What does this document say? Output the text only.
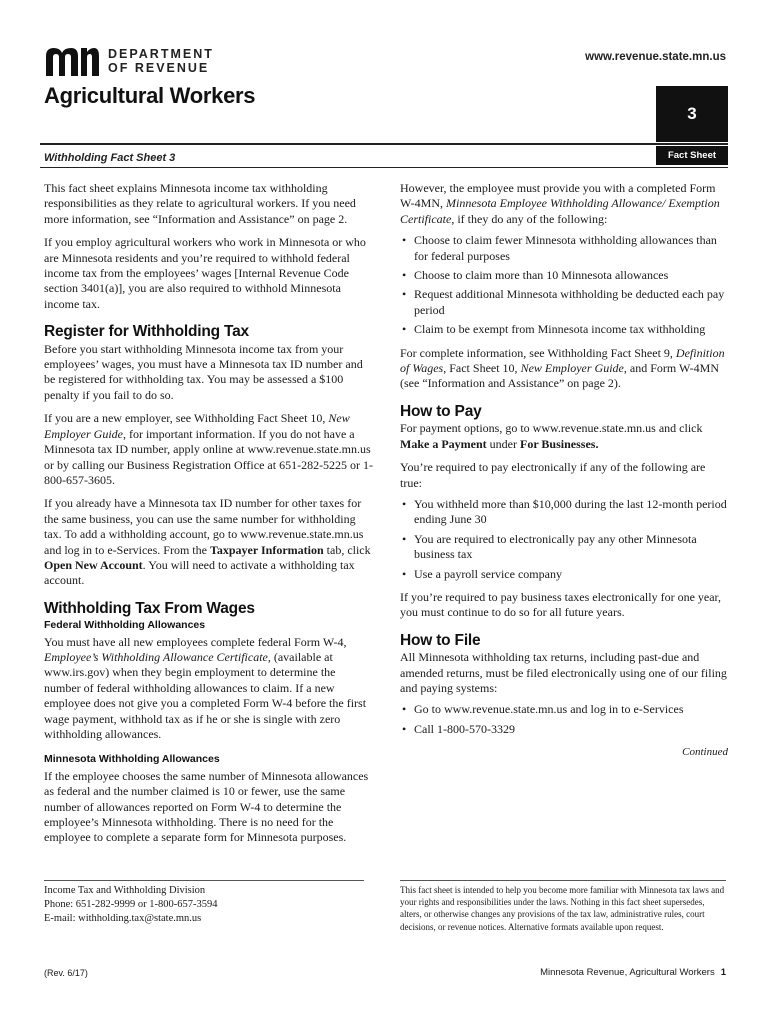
DEPARTMENT
OF REVENUE
www.revenue.state.mn.us
Agricultural Workers
3
Withholding Fact Sheet 3	Fact Sheet

This fact sheet explains Minnesota income tax withholding responsibilities as they relate to agricultural workers. If you need more information, see “Information and Assistance” on page 2.

If you employ agricultural workers who work in Minnesota or who are Minnesota residents and you’re required to withhold federal income tax from the employees’ wages [Internal Revenue Code section 3401(a)], you are also required to withhold Minnesota income tax.

Register for Withholding Tax

Before you start withholding Minnesota income tax from your employees’ wages, you must have a Minnesota tax ID number and be registered for withholding tax. You may be assessed a $100 penalty if you fail to do so.

If you are a new employer, see Withholding Fact Sheet 10, New Employer Guide, for important information. If you do not have a Minnesota tax ID number, apply online at www.revenue.state.mn.us or by calling our Business Registration Office at 651-282-5225 or 1-800-657-3605.

If you already have a Minnesota tax ID number for other taxes for the same business, you can use the same number for withholding tax. To add a withholding account, go to www.revenue.state.mn.us and log in to e-Services. From the Taxpayer Information tab, click Open New Account. You will need to activate a withholding tax account.

Withholding Tax From Wages
Federal Withholding Allowances

You must have all new employees complete federal Form W-4, Employee’s Withholding Allowance Certificate, (available at www.irs.gov) when they begin employment to determine the number of federal withholding allowances to claim. If a new employee does not give you a completed Form W-4 before the first wage payment, withhold tax as if he or she is single with zero withholding allowances.

Minnesota Withholding Allowances

If the employee chooses the same number of Minnesota allowances as federal and the number claimed is 10 or fewer, use the same number of allowances reported on Form W-4 to determine the employee’s Minnesota withholding. There is no need for the employee to complete a separate form for Minnesota purposes.

However, the employee must provide you with a completed Form W-4MN, Minnesota Employee Withholding Allowance/ Exemption Certificate, if they do any of the following:

• Choose to claim fewer Minnesota withholding allowances than for federal purposes
• Choose to claim more than 10 Minnesota allowances
• Request additional Minnesota withholding be deducted each pay period
• Claim to be exempt from Minnesota income tax withholding

For complete information, see Withholding Fact Sheet 9, Definition of Wages, Fact Sheet 10, New Employer Guide, and Form W-4MN (see “Information and Assistance” on page 2).

How to Pay

For payment options, go to www.revenue.state.mn.us and click Make a Payment under For Businesses.

You’re required to pay electronically if any of the following are true:

• You withheld more than $10,000 during the last 12-month period ending June 30
• You are required to electronically pay any other Minnesota business tax
• Use a payroll service company

If you’re required to pay business taxes electronically for one year, you must continue to do so for all future years.

How to File

All Minnesota withholding tax returns, including past-due and amended returns, must be filed electronically using one of our filing and paying systems:

• Go to www.revenue.state.mn.us and log in to e-Services
• Call 1-800-570-3329
Continued
Income Tax and Withholding Division
Phone: 651-282-9999 or 1-800-657-3594
E-mail: withholding.tax@state.mn.us
This fact sheet is intended to help you become more familiar with Minnesota tax laws and your rights and responsibilities under the laws. Nothing in this fact sheet supersedes, alters, or otherwise changes any provisions of the tax law, administrative rules, court decisions, or revenue notices. Alternative formats available upon request.
(Rev. 6/17)	Minnesota Revenue, Agricultural Workers 1
